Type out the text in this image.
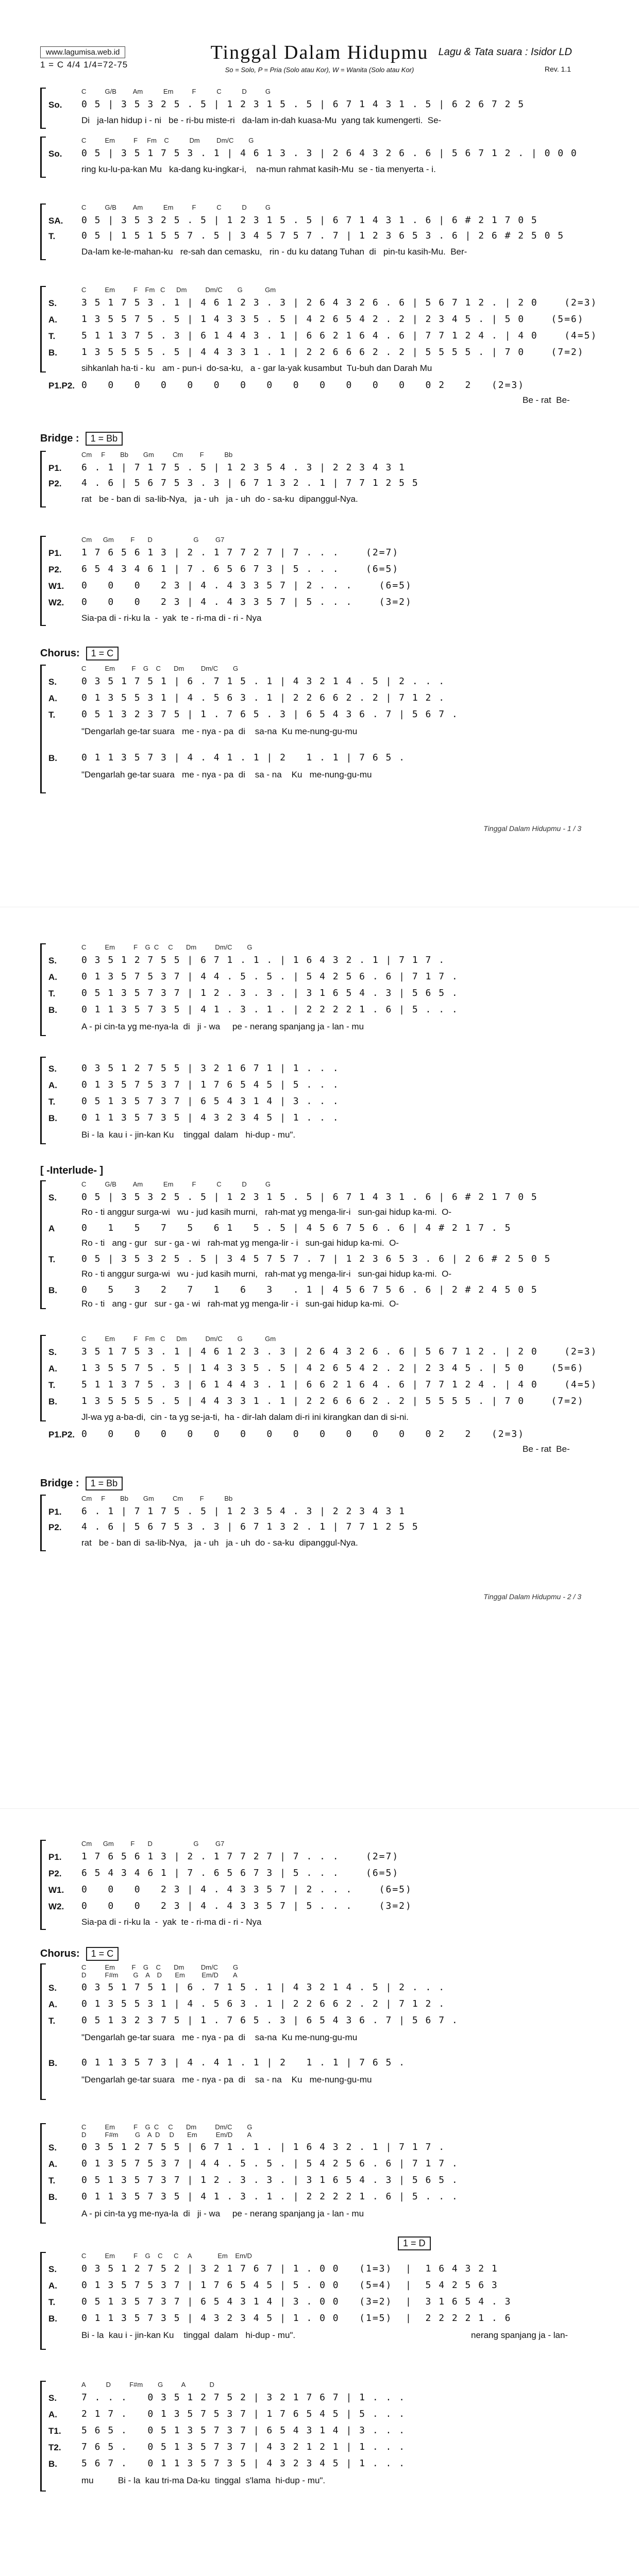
www.lagumisa.web.id
1 = C 4/4 1/4=72-75
Tinggal Dalam Hidupmu
So = Solo, P = Pria (Solo atau Kor), W = Wanita (Solo atau Kor)
Lagu & Tata suara : Isidor LD
Rev. 1.1
C          G/B         Am           Em          F           C           D          G
So.	0 5 | 3 5 3 2 5 . 5 | 1 2 3 1 5 . 5 | 6 7 1 4 3 1 . 5 | 6 2 6 7 2 5
Di   ja-lan hidup i - ni   be - ri-bu miste-ri   da-lam in-dah kuasa-Mu  yang tak kumengerti.  Se-
C          Em          F     Fm    C           Dm         Dm/C        G
So.	0 5 | 3 5 1 7 5 3 . 1 | 4 6 1 3 . 3 | 2 6 4 3 2 6 . 6 | 5 6 7 1 2 . | 0 0 0
ring ku-lu-pa-kan Mu   ka-dang ku-ingkar-i,    na-mun rahmat kasih-Mu  se - tia menyerta - i.
C          G/B         Am           Em          F           C           D          G
SA.	0 5 | 3 5 3 2 5 . 5 | 1 2 3 1 5 . 5 | 6 7 1 4 3 1 . 6 | 6 # 2 1 7 0 5
T.	0 5 | 1 5 1 5 5 7 . 5 | 3 4 5 7 5 7 . 7 | 1 2 3 6 5 3 . 6 | 2 6 # 2 5 0 5
Da-lam ke-le-mahan-ku   re-sah dan cemasku,   rin - du ku datang Tuhan  di   pin-tu kasih-Mu.  Ber-
C          Em          F    Fm   C      Dm          Dm/C        G            Gm
S.	3 5 1 7 5 3 . 1 | 4 6 1 2 3 . 3 | 2 6 4 3 2 6 . 6 | 5 6 7 1 2 . | 2 0    (2=3)
A.	1 3 5 5 7 5 . 5 | 1 4 3 3 5 . 5 | 4 2 6 5 4 2 . 2 | 2 3 4 5 . | 5 0    (5=6)
T.	5 1 1 3 7 5 . 3 | 6 1 4 4 3 . 1 | 6 6 2 1 6 4 . 6 | 7 7 1 2 4 . | 4 0    (4=5)
B.	1 3 5 5 5 5 . 5 | 4 4 3 3 1 . 1 | 2 2 6 6 6 2 . 2 | 5 5 5 5 . | 7 0    (7=2)
sihkanlah ha-ti - ku   am - pun-i  do-sa-ku,   a - gar la-yak kusambut  Tu-buh dan Darah Mu
P1.P2. 0   0   0   0   0   0   0   0   0   0   0   0   0   0 2   2   (2=3)
Be - rat  Be-
Bridge : 1 = Bb
Cm     F        Bb        Gm          Cm         F           Bb
P1.	6 . 1 | 7 1 7 5 . 5 | 1 2 3 5 4 . 3 | 2 2 3 4 3 1
P2.	4 . 6 | 5 6 7 5 3 . 3 | 6 7 1 3 2 . 1 | 7 7 1 2 5 5
rat   be - ban di  sa-lib-Nya,   ja - uh   ja - uh  do - sa-ku  dipanggul-Nya.
Cm      Gm         F       D                      G         G7
P1.	1 7 6 5 6 1 3 | 2 . 1 7 7 2 7 | 7 . . .    (2=7)
P2.	6 5 4 3 4 6 1 | 7 . 6 5 6 7 3 | 5 . . .    (6=5)
W1.	0   0   0   2 3 | 4 . 4 3 3 5 7 | 2 . . .    (6=5)
W2.	0   0   0   2 3 | 4 . 4 3 3 5 7 | 5 . . .    (3=2)
Sia-pa di - ri-ku la  -  yak  te - ri-ma di - ri - Nya
Chorus: 1 = C
C          Em         F    G    C       Dm         Dm/C        G
S.	0 3 5 1 7 5 1 | 6 . 7 1 5 . 1 | 4 3 2 1 4 . 5 | 2 . . .
A.	0 1 3 5 5 3 1 | 4 . 5 6 3 . 1 | 2 2 6 6 2 . 2 | 7 1 2 .
T.	0 5 1 3 2 3 7 5 | 1 . 7 6 5 . 3 | 6 5 4 3 6 . 7 | 5 6 7 .
"Dengarlah ge-tar suara   me - nya - pa  di    sa-na  Ku me-nung-gu-mu
B.	0 1 1 3 5 7 3 | 4 . 4 1 . 1 | 2   1 . 1 | 7 6 5 .
"Dengarlah ge-tar suara   me - nya - pa  di    sa - na    Ku   me-nung-gu-mu
Tinggal Dalam Hidupmu - 1 / 3
C          Em          F    G  C     C       Dm          Dm/C        G
S.	0 3 5 1 2 7 5 5 | 6 7 1 . 1 . | 1 6 4 3 2 . 1 | 7 1 7 .
A.	0 1 3 5 7 5 3 7 | 4 4 . 5 . 5 . | 5 4 2 5 6 . 6 | 7 1 7 .
T.	0 5 1 3 5 7 3 7 | 1 2 . 3 . 3 . | 3 1 6 5 4 . 3 | 5 6 5 .
B.	0 1 1 3 5 7 3 5 | 4 1 . 3 . 1 . | 2 2 2 2 1 . 6 | 5 . . .
A - pi cin-ta yg me-nya-la  di   ji - wa     pe - nerang spanjang ja - lan - mu
S.	0 3 5 1 2 7 5 5 | 3 2 1 6 7 1 | 1 . . .
A.	0 1 3 5 7 5 3 7 | 1 7 6 5 4 5 | 5 . . .
T.	0 5 1 3 5 7 3 7 | 6 5 4 3 1 4 | 3 . . .
B.	0 1 1 3 5 7 3 5 | 4 3 2 3 4 5 | 1 . . .
Bi - la  kau i - jin-kan Ku    tinggal  dalam   hi-dup - mu".
[ -Interlude- ]
C          G/B         Am           Em          F           C           D          G
S.	0 5 | 3 5 3 2 5 . 5 | 1 2 3 1 5 . 5 | 6 7 1 4 3 1 . 6 | 6 # 2 1 7 0 5
Ro - ti anggur surga-wi   wu - jud kasih murni,   rah-mat yg menga-lir-i   sun-gai hidup ka-mi.  O-
A	0   1   5   7   5   6 1   5 . 5 | 4 5 6 7 5 6 . 6 | 4 # 2 1 7 . 5
Ro - ti   ang - gur   sur - ga - wi   rah-mat yg menga-lir - i   sun-gai hidup ka-mi.  O-
T.	0 5 | 3 5 3 2 5 . 5 | 3 4 5 7 5 7 . 7 | 1 2 3 6 5 3 . 6 | 2 6 # 2 5 0 5
Ro - ti anggur surga-wi   wu - jud kasih murni,   rah-mat yg menga-lir-i   sun-gai hidup ka-mi.  O-
B.	0   5   3   2   7   1   6   3   . 1 | 4 5 6 7 5 6 . 6 | 2 # 2 4 5 0 5
Ro - ti   ang - gur   sur - ga - wi   rah-mat yg menga-lir - i   sun-gai hidup ka-mi.  O-
C          Em          F    Fm   C      Dm          Dm/C        G            Gm
S.	3 5 1 7 5 3 . 1 | 4 6 1 2 3 . 3 | 2 6 4 3 2 6 . 6 | 5 6 7 1 2 . | 2 0    (2=3)
A.	1 3 5 5 7 5 . 5 | 1 4 3 3 5 . 5 | 4 2 6 5 4 2 . 2 | 2 3 4 5 . | 5 0    (5=6)
T.	5 1 1 3 7 5 . 3 | 6 1 4 4 3 . 1 | 6 6 2 1 6 4 . 6 | 7 7 1 2 4 . | 4 0    (4=5)
B.	1 3 5 5 5 5 . 5 | 4 4 3 3 1 . 1 | 2 2 6 6 6 2 . 2 | 5 5 5 5 . | 7 0    (7=2)
Jl-wa yg a-ba-di,  cin - ta yg se-ja-ti,  ha - dir-lah dalam di-ri ini kirangkan dan di si-ni.
P1.P2. 0   0   0   0   0   0   0   0   0   0   0   0   0   0 2   2   (2=3)
Be - rat  Be-
Bridge : 1 = Bb
Cm     F        Bb        Gm          Cm         F           Bb
P1.	6 . 1 | 7 1 7 5 . 5 | 1 2 3 5 4 . 3 | 2 2 3 4 3 1
P2.	4 . 6 | 5 6 7 5 3 . 3 | 6 7 1 3 2 . 1 | 7 7 1 2 5 5
rat   be - ban di  sa-lib-Nya,   ja - uh   ja - uh  do - sa-ku  dipanggul-Nya.
Tinggal Dalam Hidupmu - 2 / 3
Cm      Gm         F       D                      G         G7
P1.	1 7 6 5 6 1 3 | 2 . 1 7 7 2 7 | 7 . . .    (2=7)
P2.	6 5 4 3 4 6 1 | 7 . 6 5 6 7 3 | 5 . . .    (6=5)
W1.	0   0   0   2 3 | 4 . 4 3 3 5 7 | 2 . . .    (6=5)
W2.	0   0   0   2 3 | 4 . 4 3 3 5 7 | 5 . . .    (3=2)
Sia-pa di - ri-ku la  -  yak  te - ri-ma di - ri - Nya
Chorus: 1 = C
C          Em         F    G    C       Dm         Dm/C        G
D          F#m        G    A    D       Em         Em/D        A
S.	0 3 5 1 7 5 1 | 6 . 7 1 5 . 1 | 4 3 2 1 4 . 5 | 2 . . .
A.	0 1 3 5 5 3 1 | 4 . 5 6 3 . 1 | 2 2 6 6 2 . 2 | 7 1 2 .
T.	0 5 1 3 2 3 7 5 | 1 . 7 6 5 . 3 | 6 5 4 3 6 . 7 | 5 6 7 .
"Dengarlah ge-tar suara   me - nya - pa  di    sa-na  Ku me-nung-gu-mu
B.	0 1 1 3 5 7 3 | 4 . 4 1 . 1 | 2   1 . 1 | 7 6 5 .
"Dengarlah ge-tar suara   me - nya - pa  di    sa - na    Ku   me-nung-gu-mu
C          Em          F    G  C     C       Dm          Dm/C        G
D          F#m         G    A  D     D       Em          Em/D        A
S.	0 3 5 1 2 7 5 5 | 6 7 1 . 1 . | 1 6 4 3 2 . 1 | 7 1 7 .
A.	0 1 3 5 7 5 3 7 | 4 4 . 5 . 5 . | 5 4 2 5 6 . 6 | 7 1 7 .
T.	0 5 1 3 5 7 3 7 | 1 2 . 3 . 3 . | 3 1 6 5 4 . 3 | 5 6 5 .
B.	0 1 1 3 5 7 3 5 | 4 1 . 3 . 1 . | 2 2 2 2 1 . 6 | 5 . . .
A - pi cin-ta yg me-nya-la  di   ji - wa     pe - nerang spanjang ja - lan - mu
1 = D
C          Em          F    G    C      C     A              Em    Em/D
S.	0 3 5 1 2 7 5 2 | 3 2 1 7 6 7 | 1 . 0 0   (1=3)  |  1 6 4 3 2 1
A.	0 1 3 5 7 5 3 7 | 1 7 6 5 4 5 | 5 . 0 0   (5=4)  |  5 4 2 5 6 3
T.	0 5 1 3 5 7 3 7 | 6 5 4 3 1 4 | 3 . 0 0   (3=2)  |  3 1 6 5 4 . 3
B.	0 1 1 3 5 7 3 5 | 4 3 2 3 4 5 | 1 . 0 0   (1=5)  |  2 2 2 2 1 . 6
Bi - la  kau i - jin-kan Ku    tinggal  dalam   hi-dup - mu".	nerang spanjang ja - lan-
A           D          F#m        G          A             D
S.	7 . . .   0 3 5 1 2 7 5 2 | 3 2 1 7 6 7 | 1 . . .
A.	2 1 7 .   0 1 3 5 7 5 3 7 | 1 7 6 5 4 5 | 5 . . .
T1.	5 6 5 .   0 5 1 3 5 7 3 7 | 6 5 4 3 1 4 | 3 . . .
T2.	7 6 5 .   0 5 1 3 5 7 3 7 | 4 3 2 1 2 1 | 1 . . .
B.	5 6 7 .   0 1 1 3 5 7 3 5 | 4 3 2 3 4 5 | 1 . . .
mu          Bi - la  kau tri-ma Da-ku  tinggal  s'lama  hi-dup - mu".
